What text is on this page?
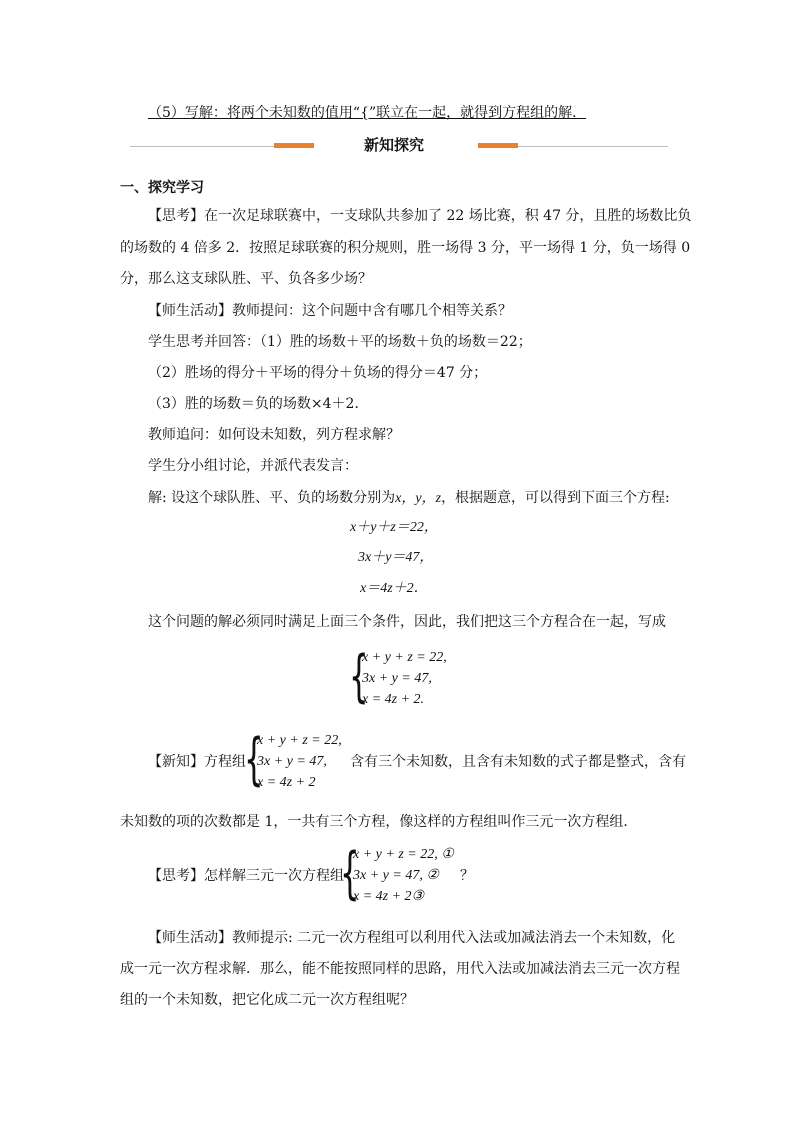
（5）写解：将两个未知数的值用“{”联立在一起，就得到方程组的解．
新知探究
一、探究学习
【思考】在一次足球联赛中，一支球队共参加了 22 场比赛，积 47 分，且胜的场数比负
的场数的 4 倍多 2．按照足球联赛的积分规则，胜一场得 3 分，平一场得 1 分，负一场得 0
分，那么这支球队胜、平、负各多少场？
【师生活动】教师提问：这个问题中含有哪几个相等关系？
学生思考并回答：（1）胜的场数＋平的场数＋负的场数＝22；
（2）胜场的得分＋平场的得分＋负场的得分＝47 分；
（3）胜的场数＝负的场数×4＋2．
教师追问：如何设未知数，列方程求解？
学生分小组讨论，并派代表发言：
解: 设这个球队胜、平、负的场数分别为x，y，z，根据题意，可以得到下面三个方程:
x＋y＋z＝22，
3x＋y＝47，
x＝4z＋2．
这个问题的解必须同时满足上面三个条件，因此，我们把这三个方程合在一起，写成
{
x + y + z = 22,
3x + y = 47,
x = 4z + 2.
【新知】方程组
{
x + y + z = 22,
3x + y = 47,
x = 4z + 2
含有三个未知数，且含有未知数的式子都是整式，含有
未知数的项的次数都是 1，一共有三个方程，像这样的方程组叫作三元一次方程组．
【思考】怎样解三元一次方程组
{
x + y + z = 22, ①
3x + y = 47, ②
x = 4z + 2③
？
【师生活动】教师提示: 二元一次方程组可以利用代入法或加减法消去一个未知数，化
成一元一次方程求解．那么，能不能按照同样的思路，用代入法或加减法消去三元一次方程
组的一个未知数，把它化成二元一次方程组呢？
